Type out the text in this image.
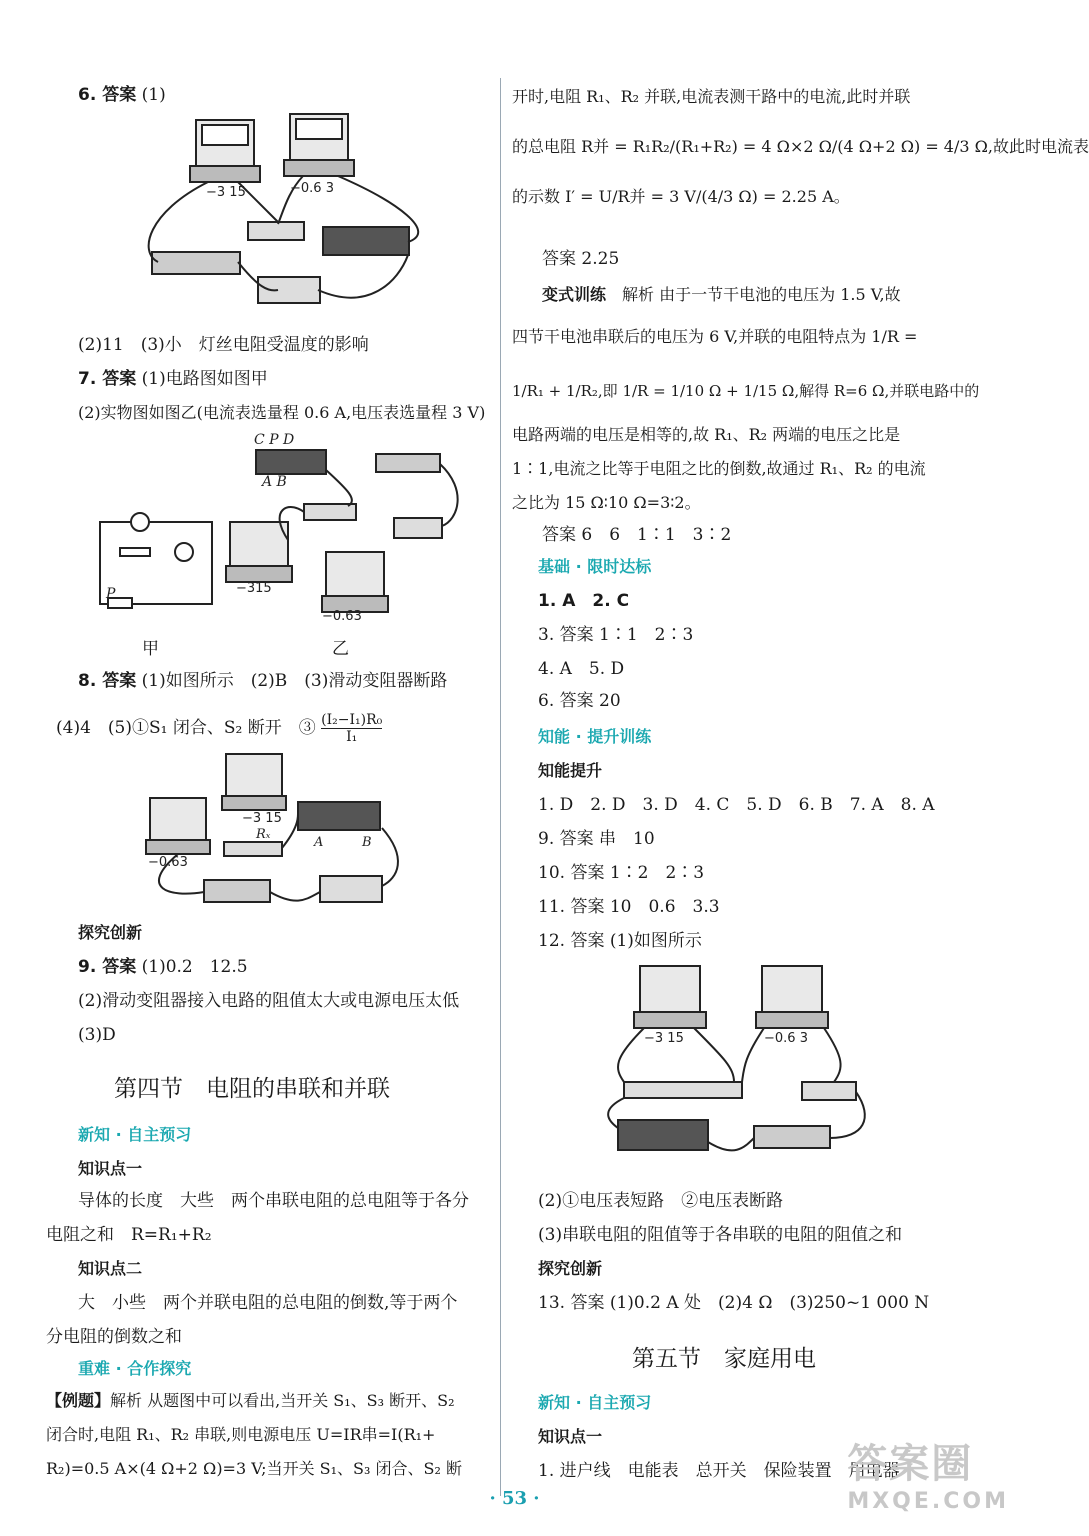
6. 答案 (1)
−3 15	−0.6 3
(2)11　(3)小　灯丝电阻受温度的影响
7. 答案 (1)电路图如图甲
(2)实物图如图乙(电流表选量程 0.6 A,电压表选量程 3 V)
P
C P D
A B
−315
−0.63
甲	乙
8. 答案 (1)如图所示　(2)B　(3)滑动变阻器断路
(4)4　(5)①S₁ 闭合、S₂ 断开　③ $\frac{\text{(I₂−I₁)R₀}}{\text{I₁}}$
−3 15
−0.63
Rₓ
A	B
探究创新
9. 答案 (1)0.2　12.5
(2)滑动变阻器接入电路的阻值太大或电源电压太低
(3)D
第四节　电阻的串联和并联
新知 · 自主预习
知识点一
导体的长度　大些　两个串联电阻的总电阻等于各分
电阻之和　R=R₁+R₂
知识点二
大　小些　两个并联电阻的总电阻的倒数,等于两个
分电阻的倒数之和
重难 · 合作探究
【例题】解析 从题图中可以看出,当开关 S₁、S₃ 断开、S₂
闭合时,电阻 R₁、R₂ 串联,则电源电压 U=IR串=I(R₁+
R₂)=0.5 A×(4 Ω+2 Ω)=3 V;当开关 S₁、S₃ 闭合、S₂ 断
开时,电阻 R₁、R₂ 并联,电流表测干路中的电流,此时并联
的总电阻 R并 = R₁R₂/(R₁+R₂) = 4 Ω×2 Ω/(4 Ω+2 Ω) = 4/3 Ω,故此时电流表
的示数 I′ = U/R并 = 3 V/(4/3 Ω) = 2.25 A。
答案 2.25
变式训练　 解析 由于一节干电池的电压为 1.5 V,故
四节干电池串联后的电压为 6 V,并联的电阻特点为 1/R =
1/R₁ + 1/R₂,即 1/R = 1/10 Ω + 1/15 Ω,解得 R=6 Ω,并联电路中的
电路两端的电压是相等的,故 R₁、R₂ 两端的电压之比是
1∶1,电流之比等于电阻之比的倒数,故通过 R₁、R₂ 的电流
之比为 15 Ω∶10 Ω=3∶2。
答案 6　6　1∶1　3∶2
基础 · 限时达标
1. A　2. C
3. 答案 1∶1　2∶3
4. A　5. D
6. 答案 20
知能 · 提升训练
知能提升
1. D　2. D　3. D　4. C　5. D　6. B　7. A　8. A
9. 答案 串　10
10. 答案 1∶2　2∶3
11. 答案 10　0.6　3.3
12. 答案 (1)如图所示
−3 15	−0.6 3
(2)①电压表短路　②电压表断路
(3)串联电阻的阻值等于各串联的电阻的阻值之和
探究创新
13. 答案 (1)0.2 A 处　(2)4 Ω　(3)250~1 000 N
第五节　家庭用电
新知 · 自主预习
知识点一
1. 进户线　电能表　总开关　保险装置　用电器
· 53 ·
答案圈
MXQE.COM
